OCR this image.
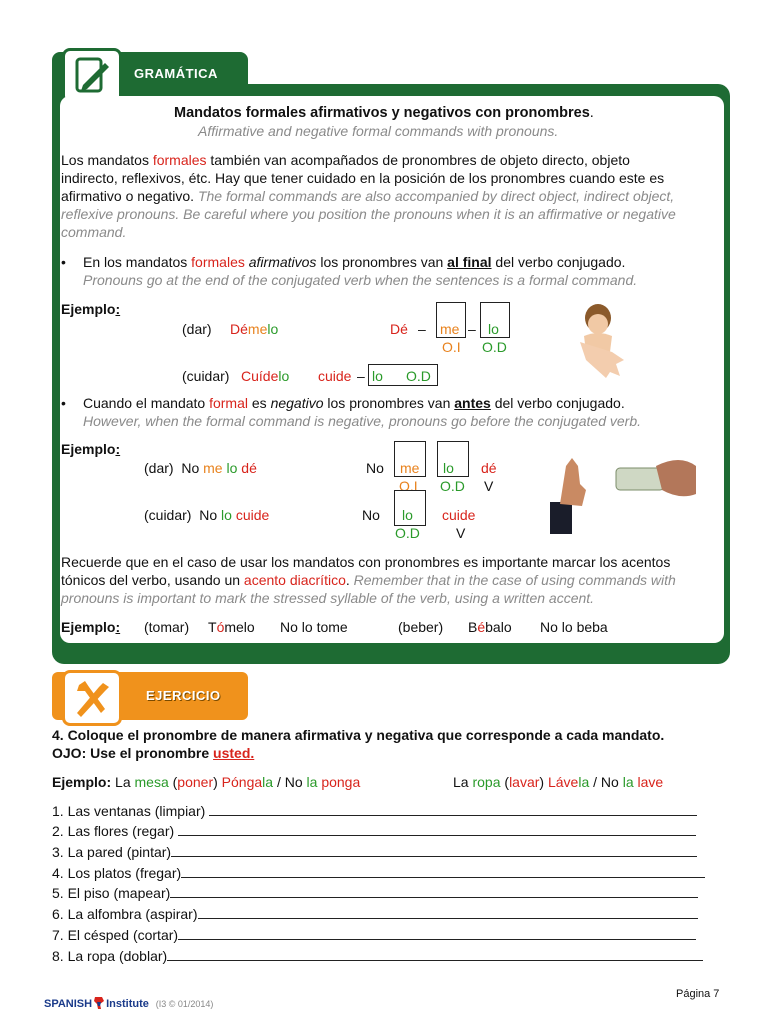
GRAMÁTICA
Mandatos formales afirmativos y negativos con pronombres.
Affirmative and negative formal commands with pronouns.
Los mandatos formales también van acompañados de pronombres de objeto directo, objeto
indirecto, reflexivos, étc. Hay que tener cuidado en la posición de los pronombres cuando este es
afirmativo o negativo. The formal commands are also accompanied by direct object, indirect object,
reflexive pronouns. Be careful where you position the pronouns when it is an affirmative or negative
command.
• En los mandatos formales afirmativos los pronombres van al final del verbo conjugado.
Pronouns go at the end of the conjugated verb when the sentences is a formal command.
Ejemplo:
(dar) Démelo	Dé – me – lo
O.I O.D
(cuidar) Cuídelo cuide – lo O.D
• Cuando el mandato formal es negativo los pronombres van antes del verbo conjugado.
However, when the formal command is negative, pronouns go before the conjugated verb.
Ejemplo:
(dar) No me lo dé	No me lo dé
O.I O.D V
(cuidar) No lo cuide	No lo cuide
O.D	V
Recuerde que en el caso de usar los mandatos con pronombres es importante marcar los acentos
tónicos del verbo, usando un acento diacrítico. Remember that in the case of using commands with
pronouns is important to mark the stressed syllable of the verb, using a written accent.
Ejemplo: (tomar) Tómelo No lo tome	(beber) Bébalo No lo beba
EJERCICIO
4. Coloque el pronombre de manera afirmativa y negativa que corresponde a cada mandato.
OJO: Use el pronombre usted.
Ejemplo: La mesa (poner) Póngala / No la ponga	La ropa (lavar) Lávela / No la lave
1. Las ventanas (limpiar)
2. Las flores (regar)
3. La pared (pintar)
4. Los platos (fregar)
5. El piso (mapear)
6. La alfombra (aspirar)
7. El césped (cortar)
8. La ropa (doblar)
SPANISH Institute (I3 © 01/2014)
Página 7
